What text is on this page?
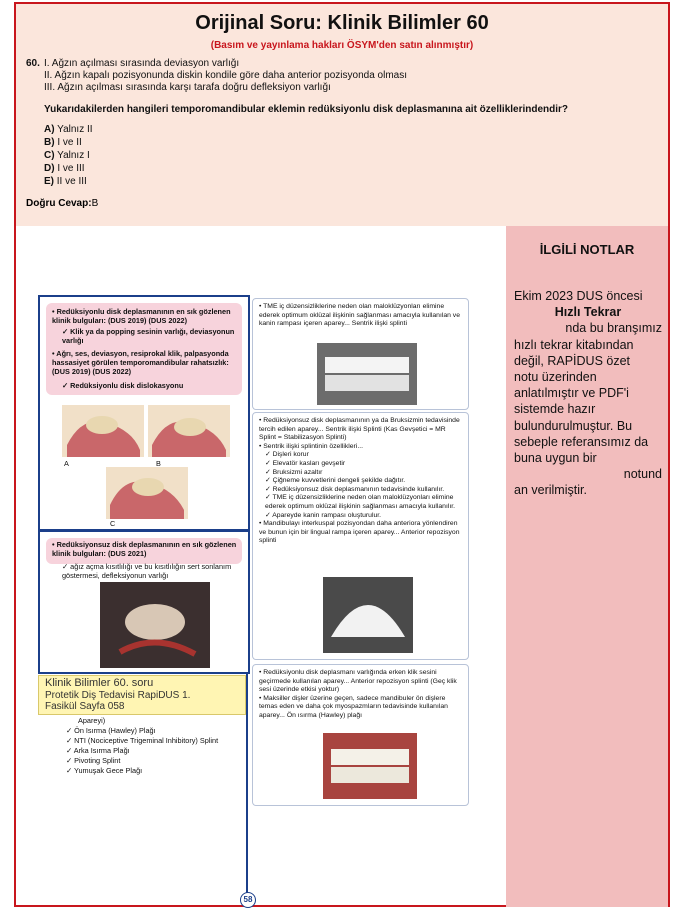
Orijinal Soru: Klinik Bilimler 60
(Basım ve yayınlama hakları ÖSYM'den satın alınmıştır)
60. I. Ağzın açılması sırasında deviasyon varlığı
II. Ağzın kapalı pozisyonunda diskin kondile göre daha anterior pozisyonda olması
III. Ağzın açılması sırasında karşı tarafa doğru defleksiyon varlığı
Yukarıdakilerden hangileri temporomandibular eklemin redüksiyonlu disk deplasmanına ait özelliklerindendir?
A) Yalnız II
B) I ve II
C) Yalnız I
D) I ve III
E) II ve III
Doğru Cevap:B
İLGİLİ NOTLAR
Ekim 2023 DUS öncesi
Hızlı Tekrar
nda bu branşımız
hızlı tekrar kitabından
değil, RAPİDUS özet
notu üzerinden
anlatılmıştır ve PDF'i
sistemde hazır
bulundurulmuştur. Bu
sebeple referansımız da
buna uygun bir
notund
an verilmiştir.
• Redüksiyonlu disk deplasmanının en sık gözlenen klinik bulguları: (DUS 2019) (DUS 2022)
✓ Klik ya da popping sesinin varlığı, deviasyonun varlığı
• Ağrı, ses, deviasyon, resiprokal klik, palpasyonda hassasiyet görülen temporomandibular rahatsızlık: (DUS 2019) (DUS 2022)
✓ Redüksiyonlu disk dislokasyonu
A	B
C
• Redüksiyonsuz disk deplasmanının en sık gözlenen klinik bulguları: (DUS 2021)
✓ ağız açma kısıtlılığı ve bu kısıtlılığın sert sonlanım göstermesi, defleksiyonun varlığı
Klinik Bilimler 60. soru
Protetik Diş Tedavisi RapiDUS 1.
Fasikül Sayfa 058
Apareyi)
✓ Ön Isırma (Hawley) Plağı
✓ NTI (Nociceptive Trigeminal Inhibitory) Splint
✓ Arka Isırma Plağı
✓ Pivoting Splint
✓ Yumuşak Gece Plağı
• TME iç düzensizliklerine neden olan maloklüzyonları elimine ederek optimum oklüzal ilişkinin sağlanması amacıyla kullanılan ve kanin rampası içeren aparey... Sentrik ilişki splinti
• Redüksiyonsuz disk deplasmanının ya da Bruksizmin tedavisinde tercih edilen aparey... Sentrik ilişki Splinti (Kas Gevşetici = MR Splint = Stabilizasyon Splinti)
• Sentrik ilişki splintinin özellikleri...
✓ Dişleri korur
✓ Elevatör kasları gevşetir
✓ Bruksizmi azaltır
✓ Çiğneme kuvvetlerini dengeli şekilde dağıtır.
✓ Redüksiyonsuz disk deplasmanının tedavisinde kullanılır.
✓ TME iç düzensizliklerine neden olan maloklüzyonları elimine ederek optimum oklüzal ilişkinin sağlanması amacıyla kullanılır.
✓ Apareyde kanin rampası oluşturulur.
• Mandibulayı interkuspal pozisyondan daha anteriora yönlendiren ve bunun için bir lingual rampa içeren aparey... Anterior repozisyon splinti
• Redüksiyonlu disk deplasmanı varlığında erken klik sesini geçirmede kullanılan aparey... Anterior repozisyon splinti (Geç klik sesi üzerinde etkisi yoktur)
• Maksiller dişler üzerine geçen, sadece mandibuler ön dişlere temas eden ve daha çok myospazmların tedavisinde kullanılan aparey... Ön ısırma (Hawley) plağı
58
